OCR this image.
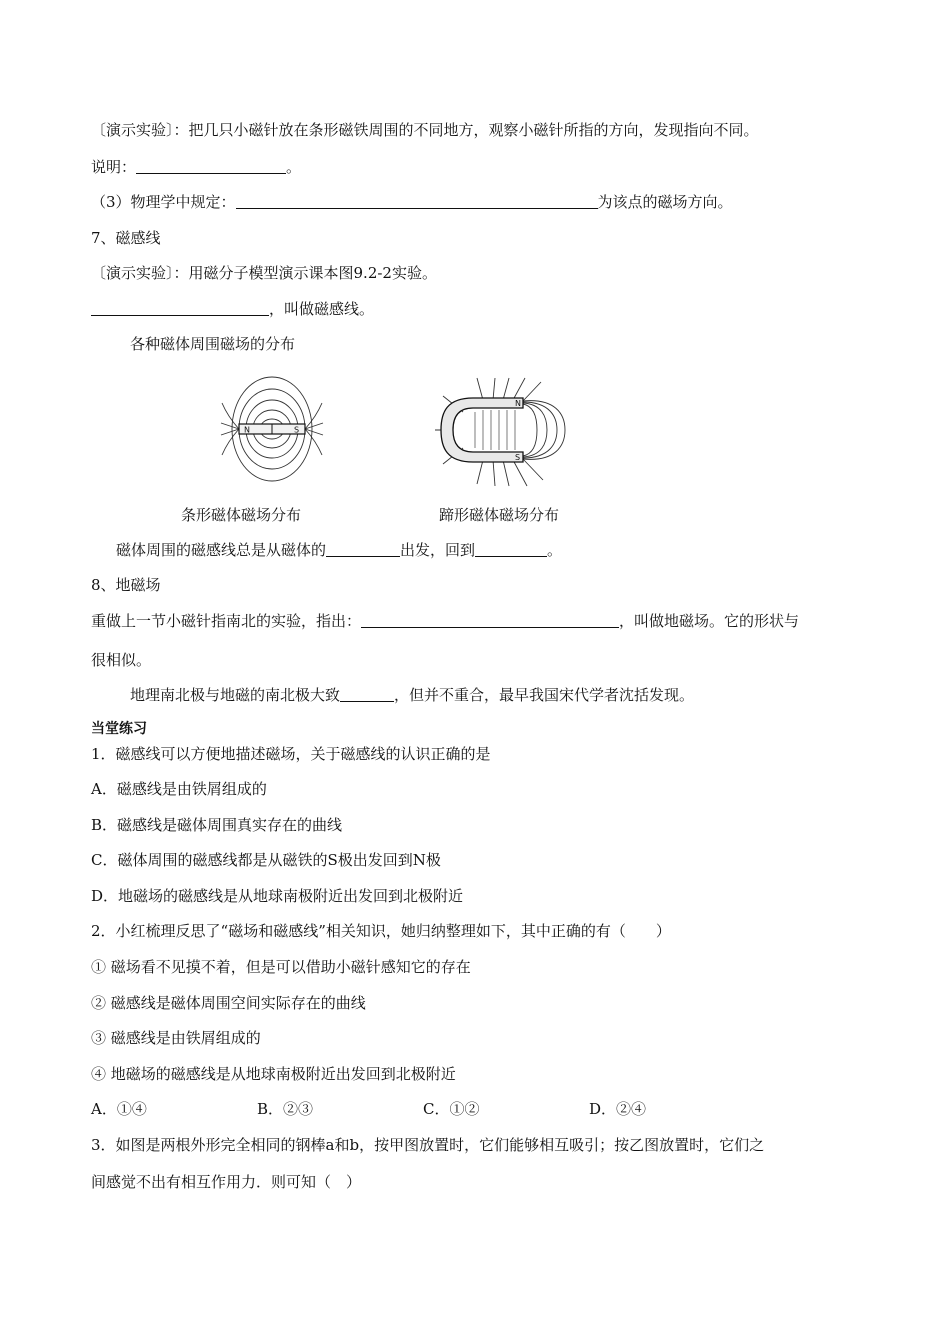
〔演示实验〕：把几只小磁针放在条形磁铁周围的不同地方，观察小磁针所指的方向，发现指向不同。
说明：	。
（3）物理学中规定：	为该点的磁场方向。
7、磁感线
〔演示实验〕：用磁分子模型演示课本图9.2-2实验。
，叫做磁感线。
各种磁体周围磁场的分布
N	S
N
S
条形磁体磁场分布	蹄形磁体磁场分布
磁体周围的磁感线总是从磁体的	出发，回到	。
8、地磁场
重做上一节小磁针指南北的实验，指出：	，叫做地磁场。它的形状与
很相似。
地理南北极与地磁的南北极大致	，但并不重合，最早我国宋代学者沈括发现。
当堂练习
1．磁感线可以方便地描述磁场，关于磁感线的认识正确的是
A．磁感线是由铁屑组成的
B．磁感线是磁体周围真实存在的曲线
C．磁体周围的磁感线都是从磁铁的S极出发回到N极
D．地磁场的磁感线是从地球南极附近出发回到北极附近
2．小红梳理反思了“磁场和磁感线”相关知识，她归纳整理如下，其中正确的有（　　）
① 磁场看不见摸不着，但是可以借助小磁针感知它的存在
② 磁感线是磁体周围空间实际存在的曲线
③ 磁感线是由铁屑组成的
④ 地磁场的磁感线是从地球南极附近出发回到北极附近
A．①④	B．②③	C．①②	D．②④
3．如图是两根外形完全相同的钢棒a和b，按甲图放置时，它们能够相互吸引；按乙图放置时，它们之
间感觉不出有相互作用力．则可知（　）
